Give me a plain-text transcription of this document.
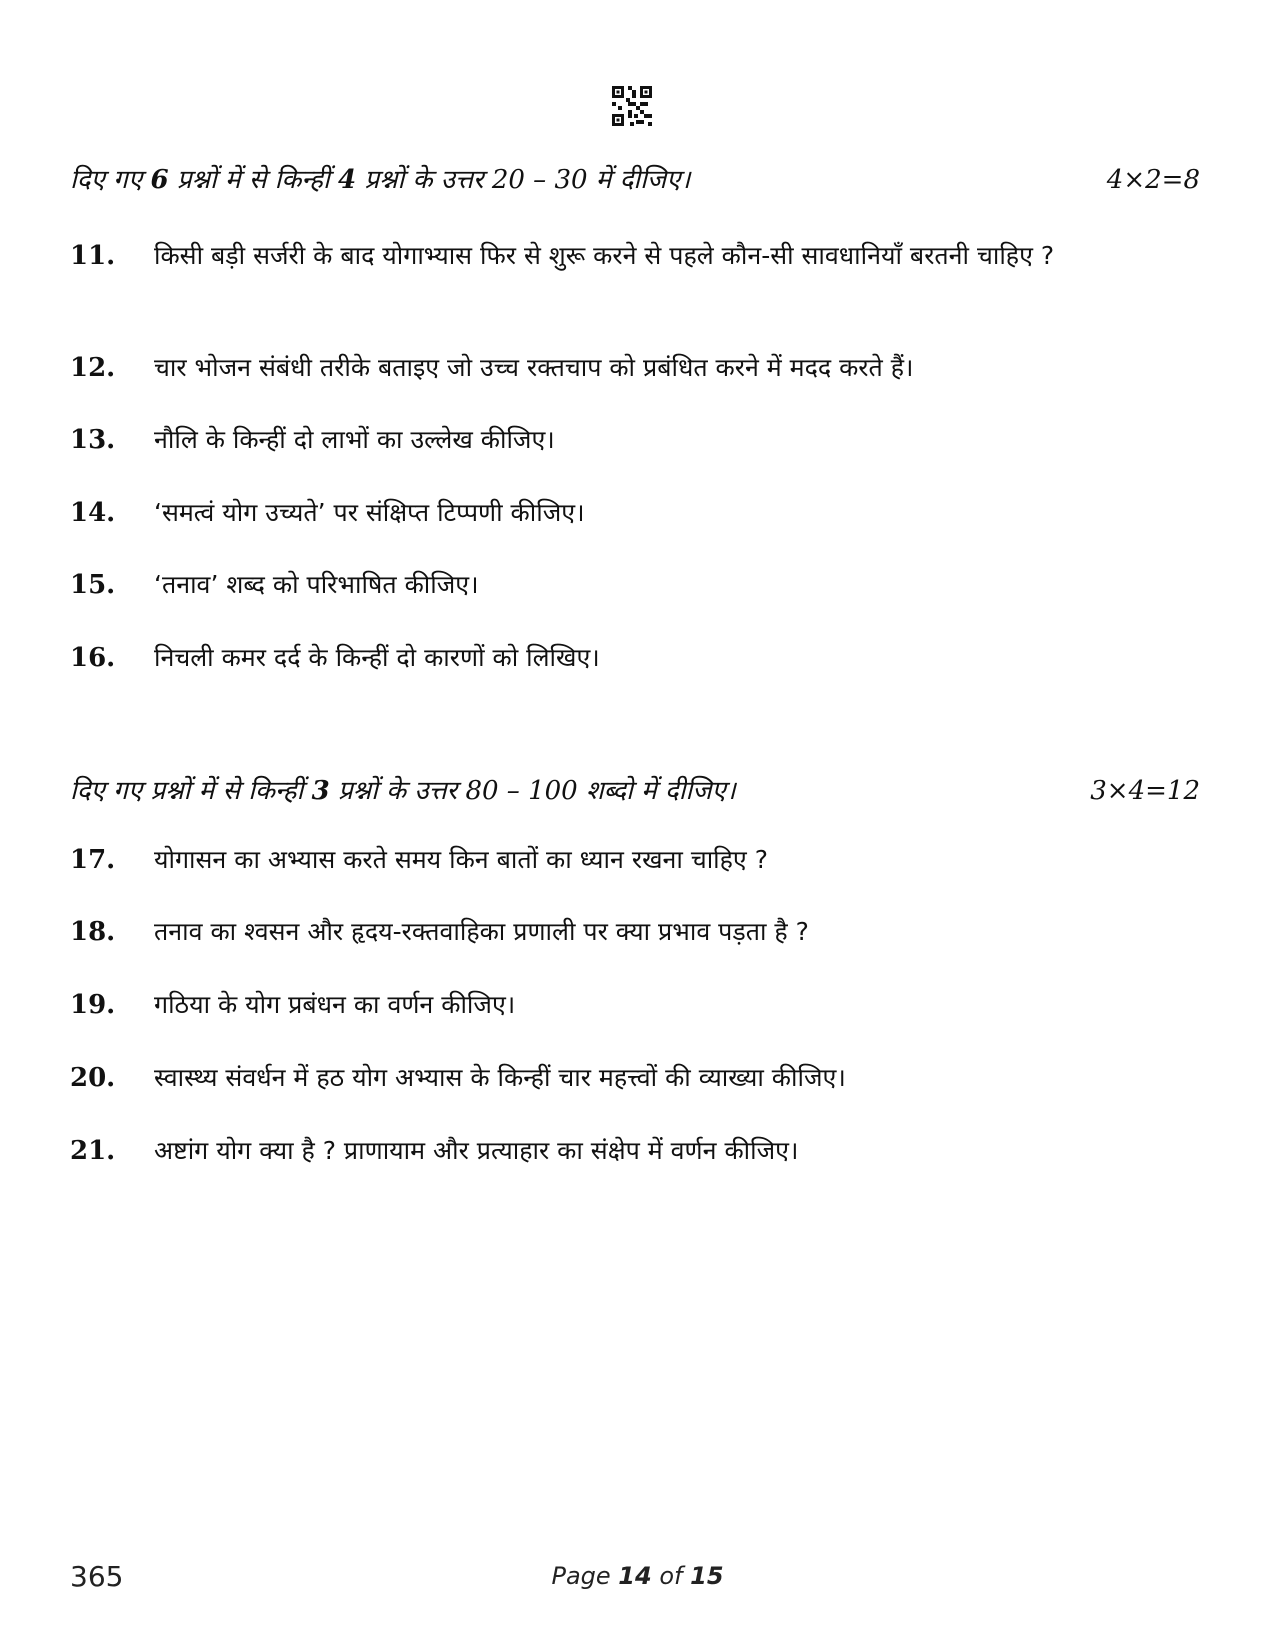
दिए गए 6 प्रश्नों में से किन्हीं 4 प्रश्नों के उत्तर 20 – 30 में दीजिए।	4×2=8
11.	किसी बड़ी सर्जरी के बाद योगाभ्यास फिर से शुरू करने से पहले कौन-सी सावधानियाँ बरतनी चाहिए ?
12.	चार भोजन संबंधी तरीके बताइए जो उच्च रक्तचाप को प्रबंधित करने में मदद करते हैं।
13.	नौलि के किन्हीं दो लाभों का उल्लेख कीजिए।
14.	‘समत्वं योग उच्यते’ पर संक्षिप्त टिप्पणी कीजिए।
15.	‘तनाव’ शब्द को परिभाषित कीजिए।
16.	निचली कमर दर्द के किन्हीं दो कारणों को लिखिए।
दिए गए प्रश्नों में से किन्हीं 3 प्रश्नों के उत्तर 80 – 100 शब्दो में दीजिए।	3×4=12
17.	योगासन का अभ्यास करते समय किन बातों का ध्यान रखना चाहिए ?
18.	तनाव का श्वसन और हृदय-रक्तवाहिका प्रणाली पर क्या प्रभाव पड़ता है ?
19.	गठिया के योग प्रबंधन का वर्णन कीजिए।
20.	स्वास्थ्य संवर्धन में हठ योग अभ्यास के किन्हीं चार महत्त्वों की व्याख्या कीजिए।
21.	अष्टांग योग क्या है ? प्राणायाम और प्रत्याहार का संक्षेप में वर्णन कीजिए।
365	Page 14 of 15
